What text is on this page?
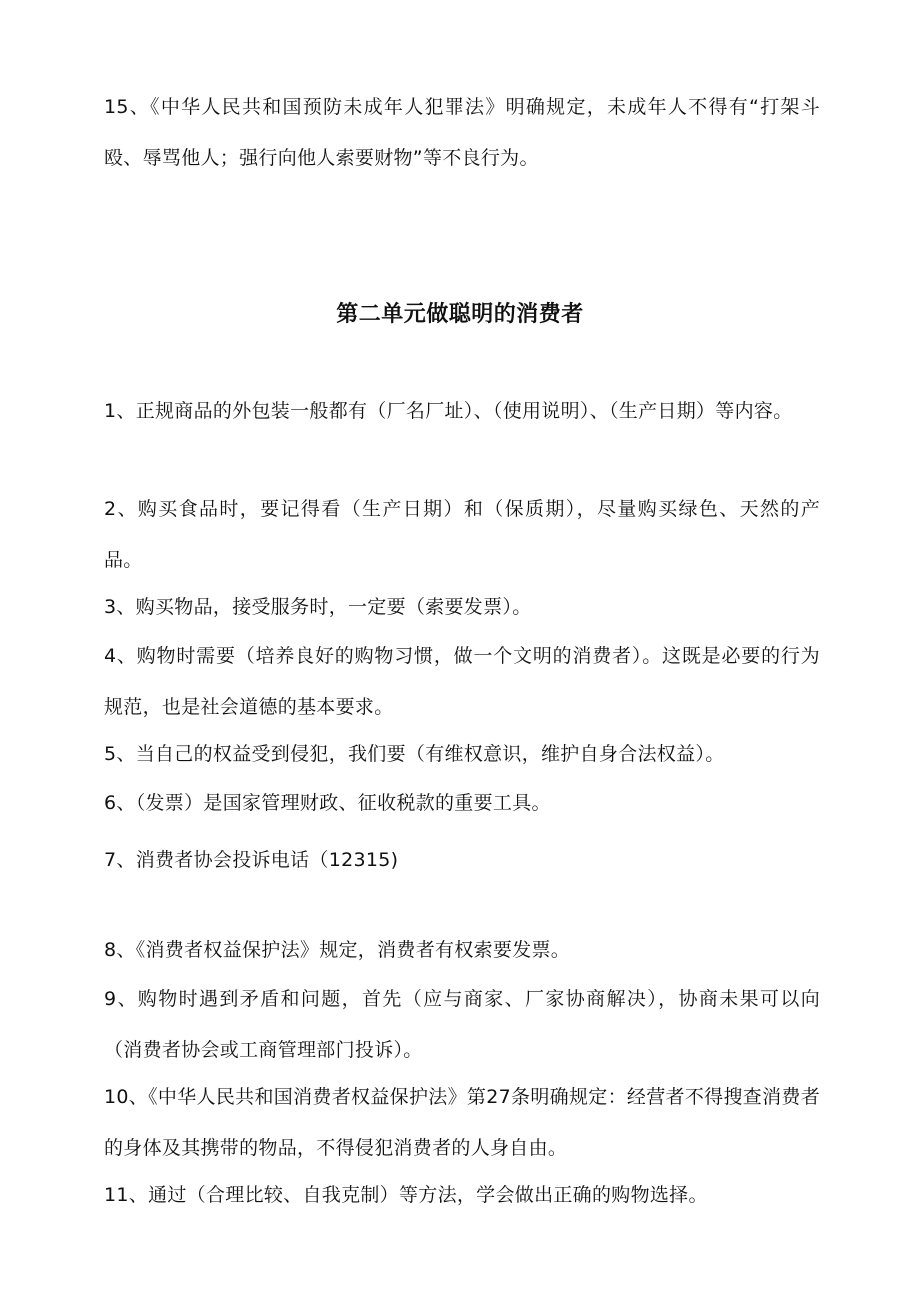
15、《中华人民共和国预防未成年人犯罪法》明确规定，未成年人不得有“打架斗殴、辱骂他人；强行向他人索要财物”等不良行为。

第二单元做聪明的消费者

1、正规商品的外包装一般都有（厂名厂址）、（使用说明）、（生产日期）等内容。

2、购买食品时，要记得看（生产日期）和（保质期），尽量购买绿色、天然的产品。

3、购买物品，接受服务时，一定要（索要发票）。

4、购物时需要（培养良好的购物习惯，做一个文明的消费者）。这既是必要的行为规范，也是社会道德的基本要求。

5、当自己的权益受到侵犯，我们要（有维权意识，维护自身合法权益）。

6、（发票）是国家管理财政、征收税款的重要工具。

7、消费者协会投诉电话（12315)

8、《消费者权益保护法》规定，消费者有权索要发票。

9、购物时遇到矛盾和问题，首先（应与商家、厂家协商解决），协商未果可以向（消费者协会或工商管理部门投诉）。

10、《中华人民共和国消费者权益保护法》第27条明确规定：经营者不得搜查消费者的身体及其携带的物品，不得侵犯消费者的人身自由。

11、通过（合理比较、自我克制）等方法，学会做出正确的购物选择。
